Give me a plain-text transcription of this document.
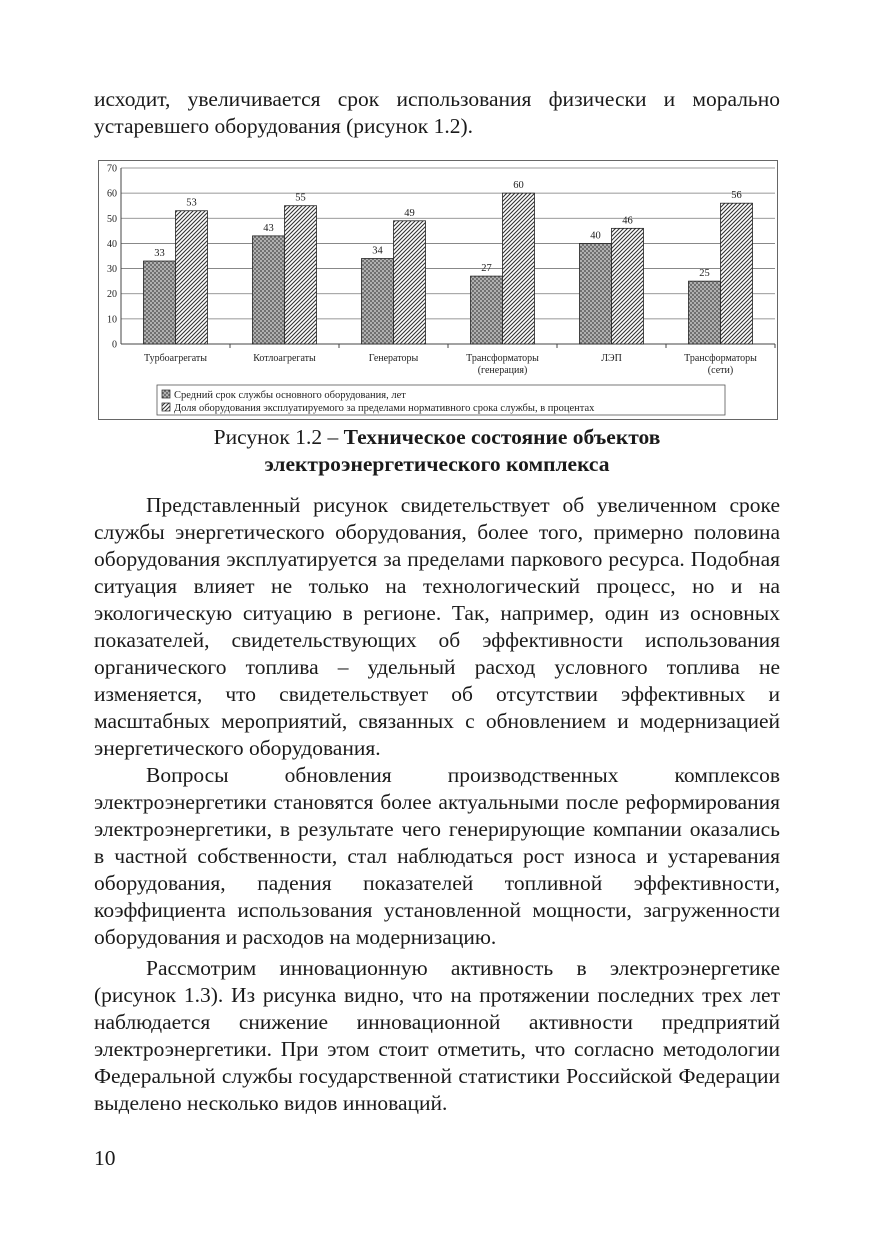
исходит, увеличивается срок использования физически и морально устаревшего оборудования (рисунок 1.2).

0
10
20
30
40
50
60
70
33
53
Турбоагрегаты
43
55
Котлоагрегаты
34
49
Генераторы
27
60
Трансформаторы
(генерация)
40
46
ЛЭП
25
56
Трансформаторы
(сети)
Средний срок службы основного оборудования, лет
Доля оборудования эксплуатируемого за пределами нормативного срока службы, в процентах
Рисунок 1.2 – Техническое состояние объектов
электроэнергетического комплекса

Представленный рисунок свидетельствует об увеличенном сроке службы энергетического оборудования, более того, примерно половина оборудования эксплуатируется за пределами паркового ресурса. Подобная ситуация влияет не только на технологический процесс, но и на экологическую ситуацию в регионе. Так, например, один из основных показателей, свидетельствующих об эффективности использования органического топлива – удельный расход условного топлива не изменяется, что свидетельствует об отсутствии эффективных и масштабных мероприятий, связанных с обновлением и модернизацией энергетического оборудования.

Вопросы обновления производственных комплексов электроэнергетики становятся более актуальными после реформирования электроэнергетики, в результате чего генерирующие компании оказались в частной собственности, стал наблюдаться рост износа и устаревания оборудования, падения показателей топливной эффективности, коэффициента использования установленной мощности, загруженности оборудования и расходов на модернизацию.

Рассмотрим инновационную активность в электроэнергетике (рисунок 1.3). Из рисунка видно, что на протяжении последних трех лет наблюдается снижение инновационной активности предприятий электроэнергетики. При этом стоит отметить, что согласно методологии Федеральной службы государственной статистики Российской Федерации выделено несколько видов инноваций.

10
